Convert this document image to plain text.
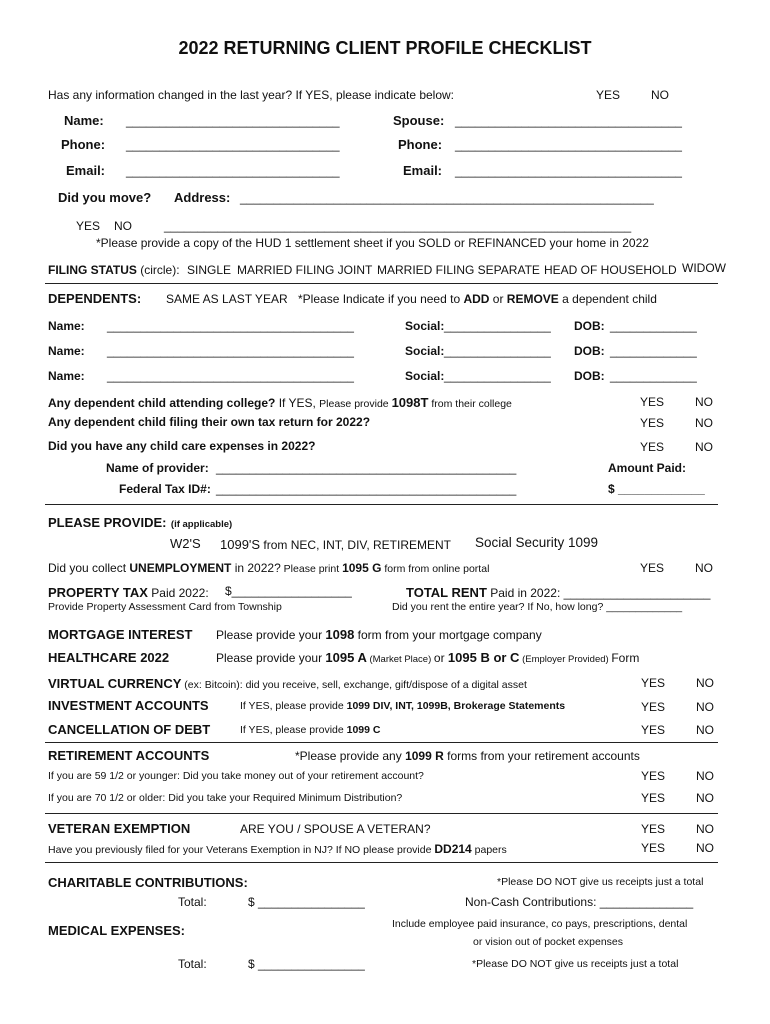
2022 RETURNING CLIENT PROFILE CHECKLIST
Has any information changed in the last year? If YES, please indicate below:	YES	NO
Name: ________________________________	Spouse: __________________________________
Phone: ________________________________	Phone: __________________________________
Email: ________________________________	Email: __________________________________
Did you move? Address: ______________________________________________________________
YES NO	______________________________________________________________________
*Please provide a copy of the HUD 1 settlement sheet if you SOLD or REFINANCED your home in 2022
FILING STATUS (circle): SINGLE MARRIED FILING JOINT MARRIED FILING SEPARATE HEAD OF HOUSEHOLD WIDOW
DEPENDENTS: SAME AS LAST YEAR *Please Indicate if you need to ADD or REMOVE a dependent child
Name: _____________________________________	Social: ________________ DOB: _____________
Name: _____________________________________	Social: ________________ DOB: _____________
Name: _____________________________________	Social: ________________ DOB: _____________
Any dependent child attending college? If YES, Please provide 1098T from their college	YES	NO
Any dependent child filing their own tax return for 2022?	YES	NO
Did you have any child care expenses in 2022?	YES	NO
Name of provider: _____________________________________________	Amount Paid:
Federal Tax ID#: _____________________________________________	$ _____________
PLEASE PROVIDE: (if applicable)
W2'S 1099'S from NEC, INT, DIV, RETIREMENT Social Security 1099
Did you collect UNEMPLOYMENT in 2022? Please print 1095 G form from online portal	YES	NO
PROPERTY TAX Paid 2022: $__________________	TOTAL RENT Paid in 2022: ______________________
Provide Property Assessment Card from Township	Did you rent the entire year? If No, how long? _____________
MORTGAGE INTEREST Please provide your 1098 form from your mortgage company
HEALTHCARE 2022	Please provide your 1095 A (Market Place) or 1095 B or C (Employer Provided) Form
VIRTUAL CURRENCY (ex: Bitcoin): did you receive, sell, exchange, gift/dispose of a digital asset	YES	NO
INVESTMENT ACCOUNTS	If YES, please provide 1099 DIV, INT, 1099B, Brokerage Statements	YES	NO
CANCELLATION OF DEBT	If YES, please provide 1099 C	YES	NO
RETIREMENT ACCOUNTS	*Please provide any 1099 R forms from your retirement accounts
If you are 59 1/2 or younger: Did you take money out of your retirement account?	YES	NO
If you are 70 1/2 or older: Did you take your Required Minimum Distribution?	YES	NO
VETERAN EXEMPTION	ARE YOU / SPOUSE A VETERAN?	YES	NO
Have you previously filed for your Veterans Exemption in NJ? If NO please provide DD214 papers	YES	NO
CHARITABLE CONTRIBUTIONS:	*Please DO NOT give us receipts just a total
Total:	$ ________________	Non-Cash Contributions: ______________
MEDICAL EXPENSES:	Include employee paid insurance, co pays, prescriptions, dental
or vision out of pocket expenses
Total:	$ ________________	*Please DO NOT give us receipts just a total
